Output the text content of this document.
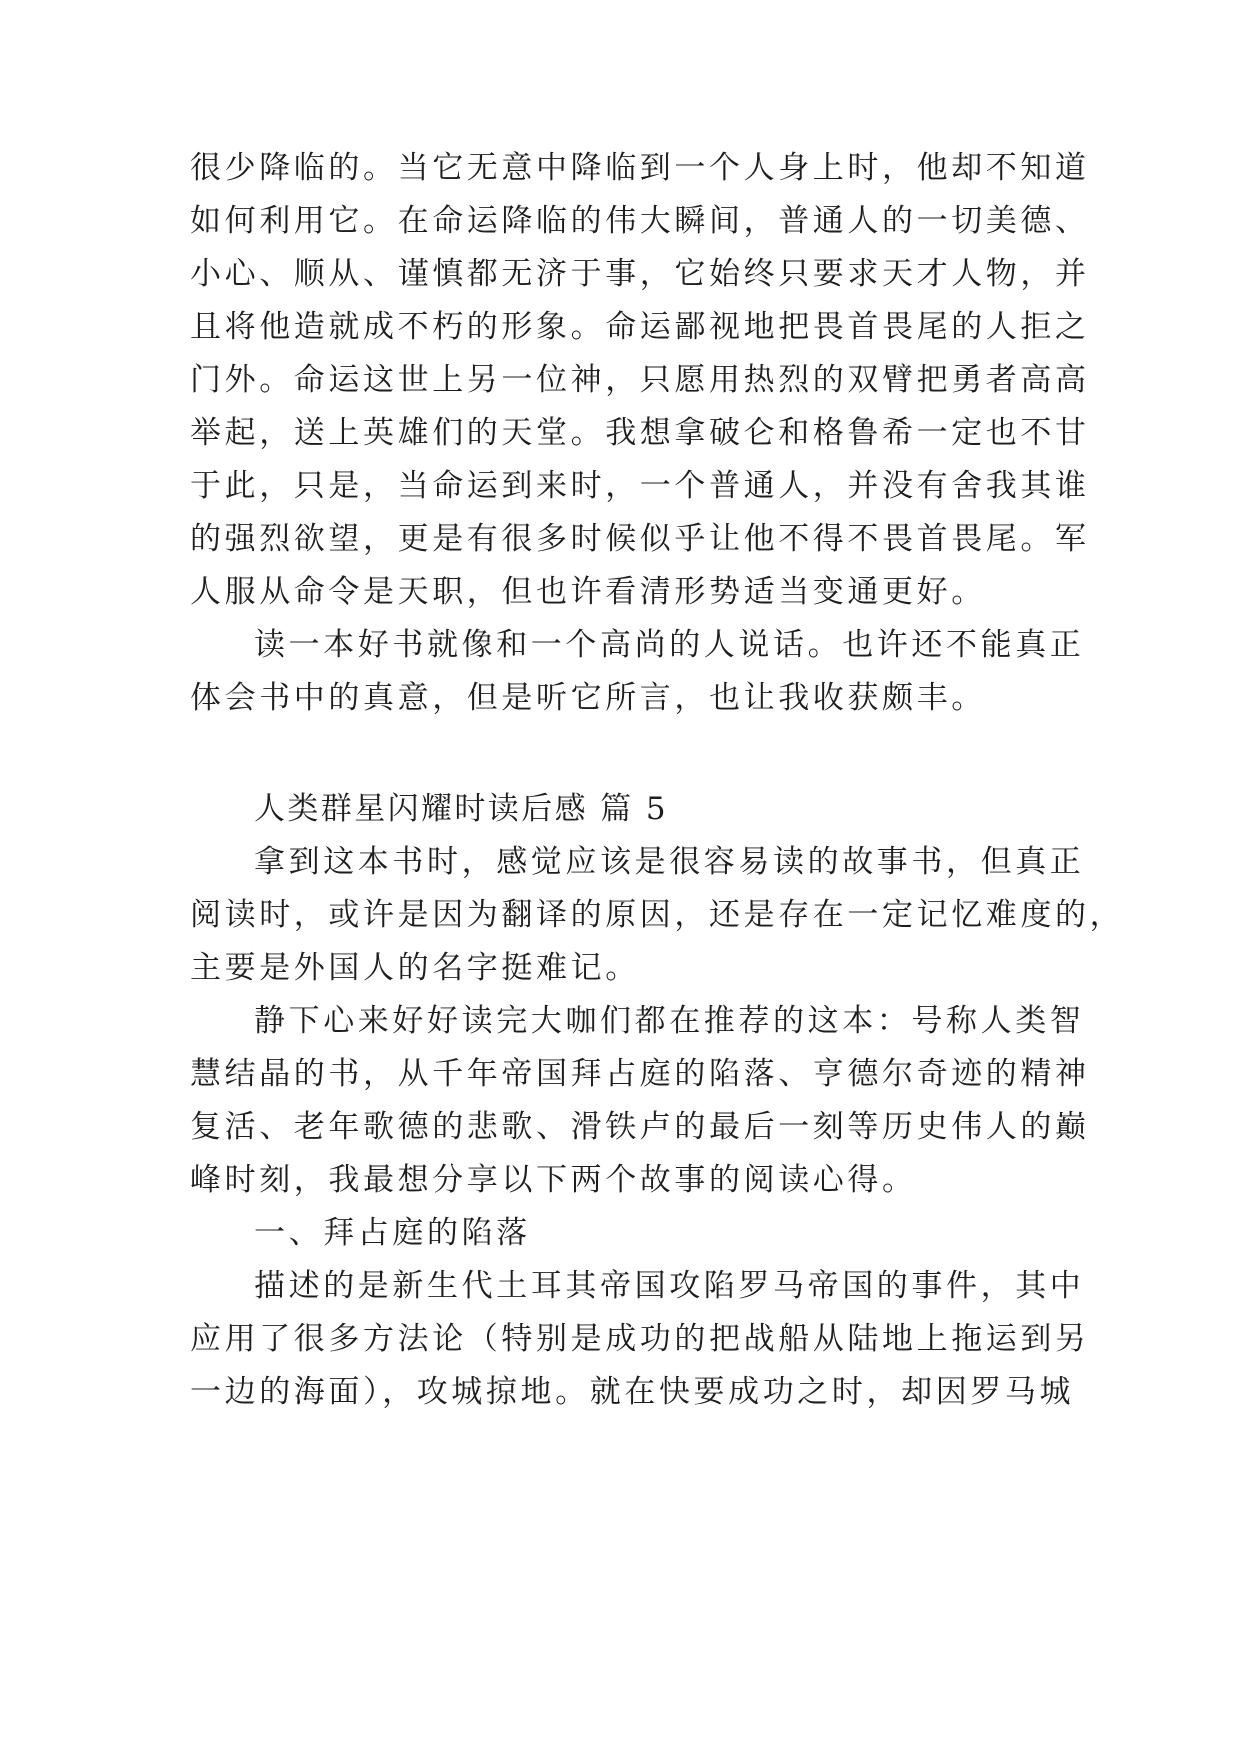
很少降临的。当它无意中降临到一个人身上时，他却不知道
如何利用它。在命运降临的伟大瞬间，普通人的一切美德、
小心、顺从、谨慎都无济于事，它始终只要求天才人物，并
且将他造就成不朽的形象。命运鄙视地把畏首畏尾的人拒之
门外。命运这世上另一位神，只愿用热烈的双臂把勇者高高
举起，送上英雄们的天堂。我想拿破仑和格鲁希一定也不甘
于此，只是，当命运到来时，一个普通人，并没有舍我其谁
的强烈欲望，更是有很多时候似乎让他不得不畏首畏尾。军
人服从命令是天职，但也许看清形势适当变通更好。
读一本好书就像和一个高尚的人说话。也许还不能真正
体会书中的真意，但是听它所言，也让我收获颇丰。
人类群星闪耀时读后感 篇 5
拿到这本书时，感觉应该是很容易读的故事书，但真正
阅读时，或许是因为翻译的原因，还是存在一定记忆难度的，
主要是外国人的名字挺难记。
静下心来好好读完大咖们都在推荐的这本：号称人类智
慧结晶的书，从千年帝国拜占庭的陷落、亨德尔奇迹的精神
复活、老年歌德的悲歌、滑铁卢的最后一刻等历史伟人的巅
峰时刻，我最想分享以下两个故事的阅读心得。
一、拜占庭的陷落
描述的是新生代土耳其帝国攻陷罗马帝国的事件，其中
应用了很多方法论（特别是成功的把战船从陆地上拖运到另
一边的海面），攻城掠地。就在快要成功之时，却因罗马城
